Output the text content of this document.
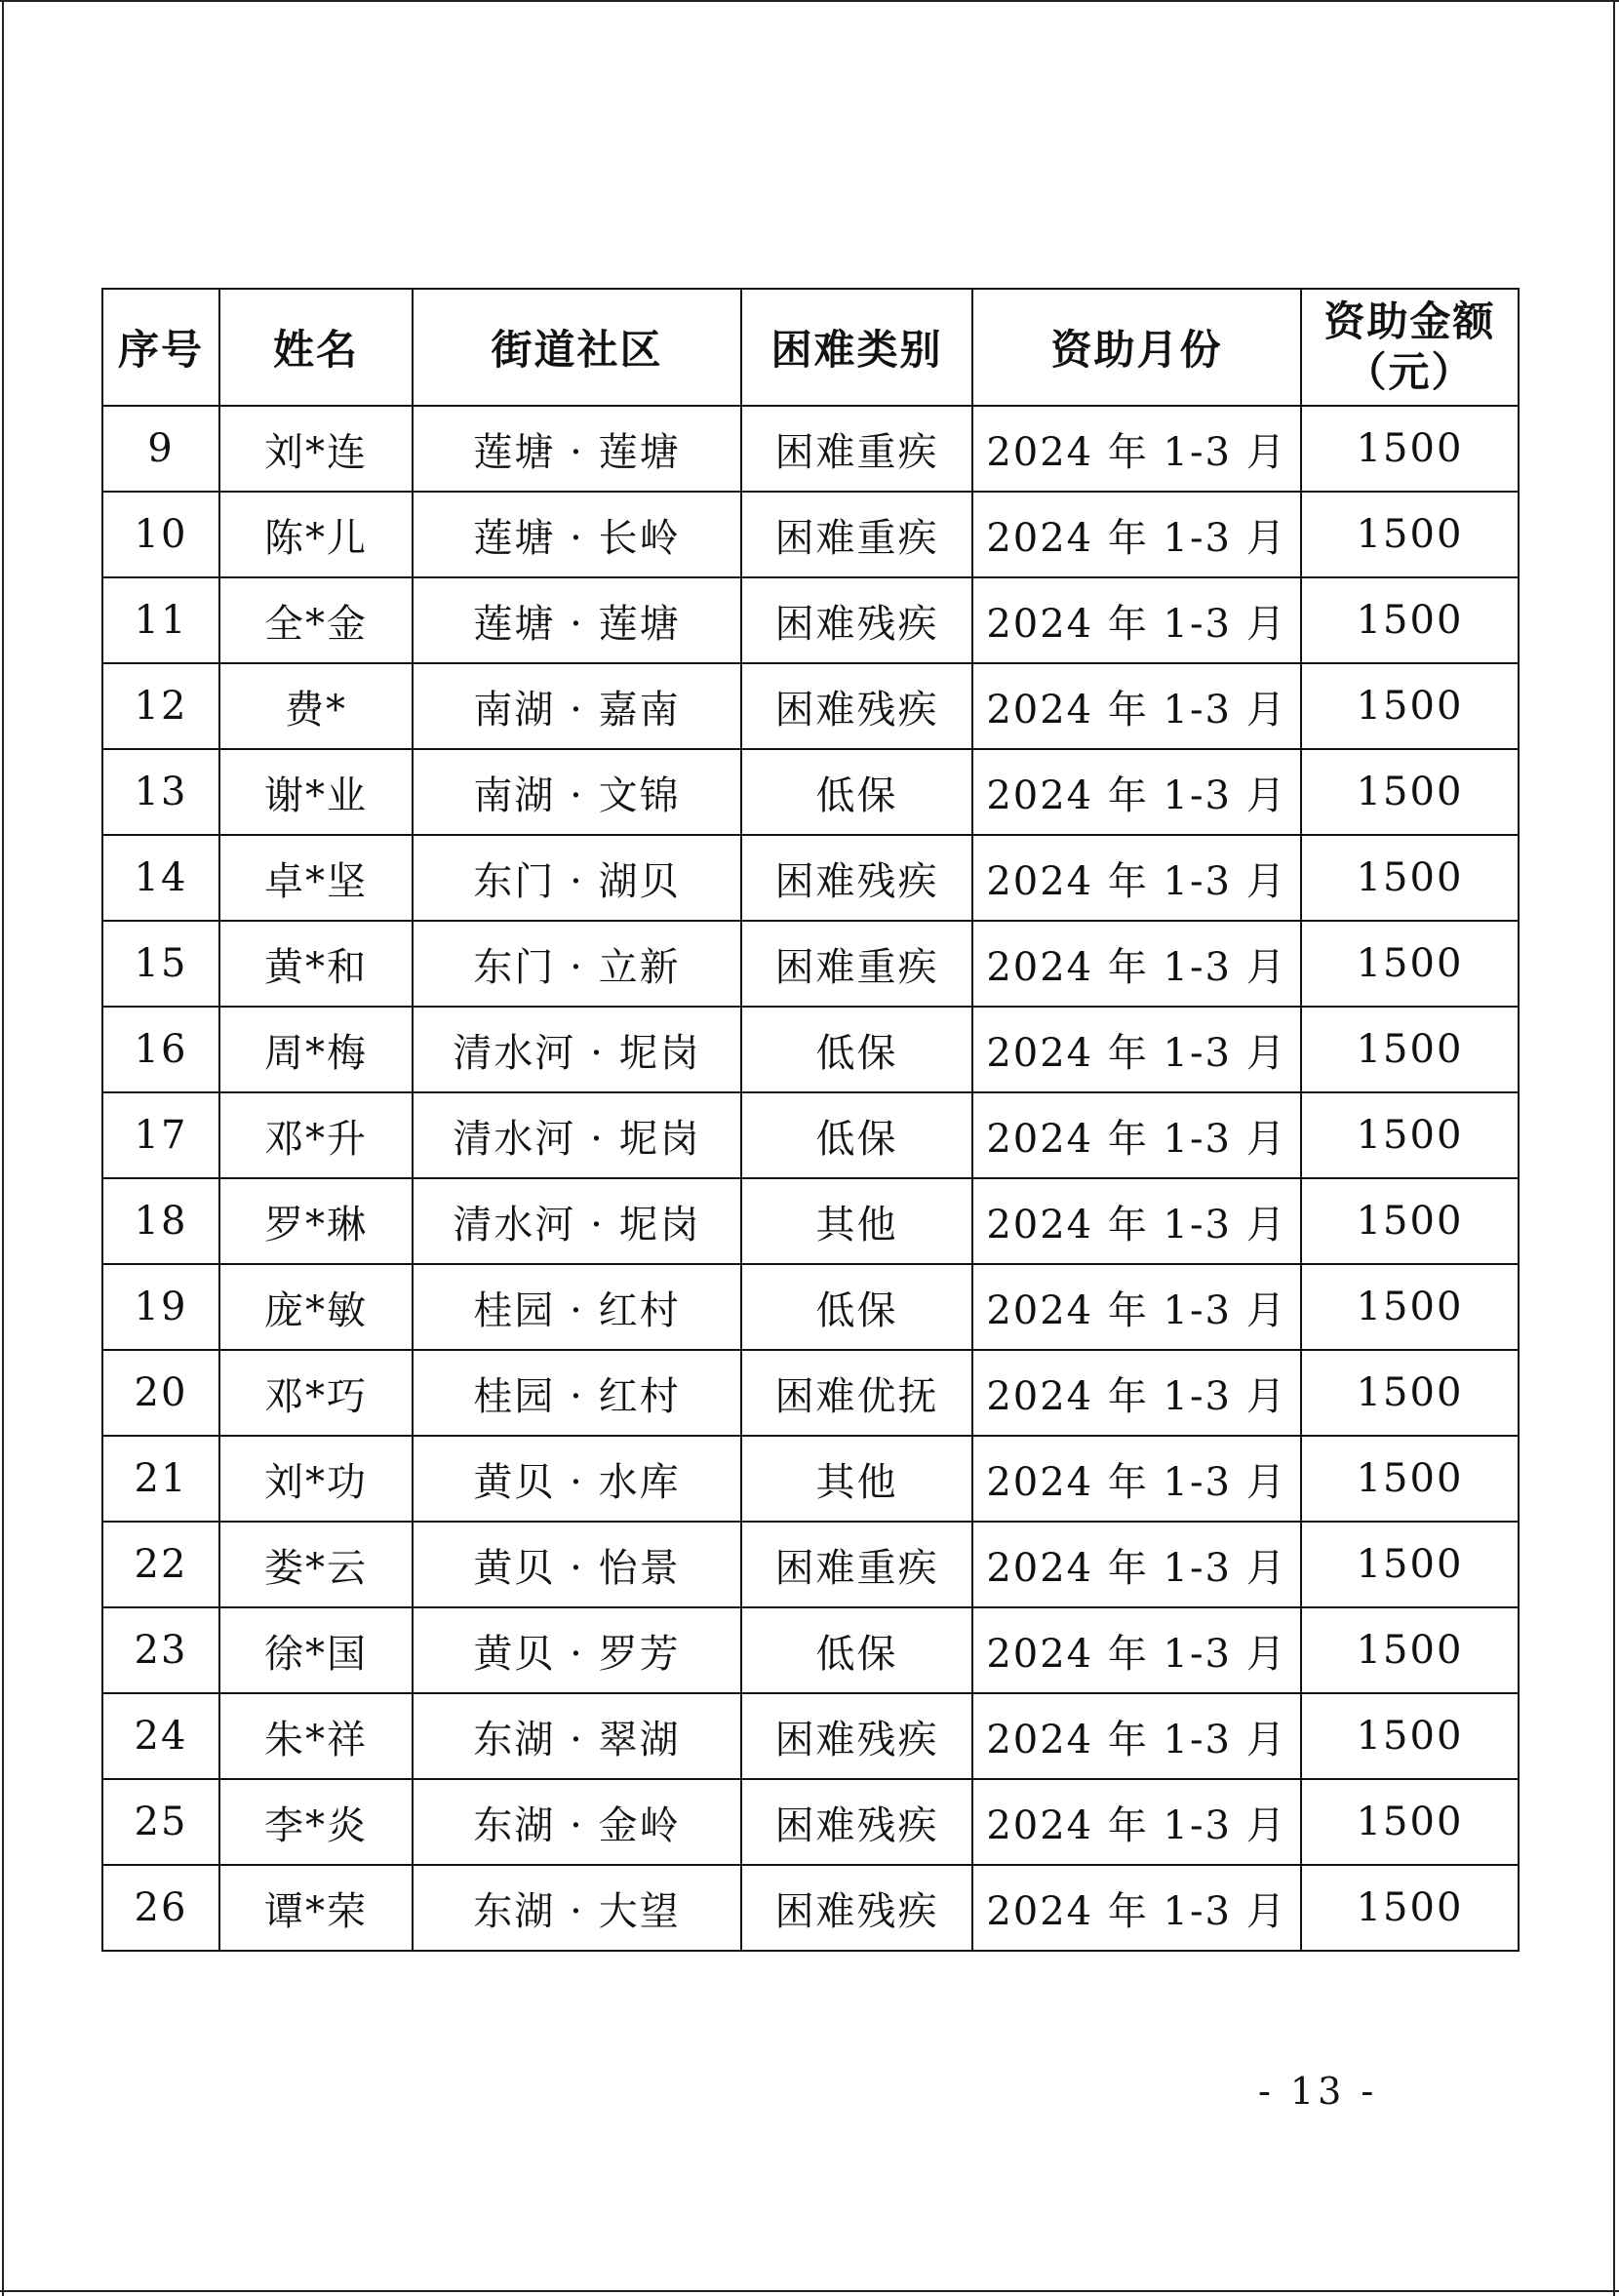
序号	姓名	街道社区	困难类别	资助月份	资助金额
（元）

9	刘*连	莲塘 · 莲塘	困难重疾	2024 年 1-3 月	1500
10	陈*儿	莲塘 · 长岭	困难重疾	2024 年 1-3 月	1500
11	全*金	莲塘 · 莲塘	困难残疾	2024 年 1-3 月	1500
12	费*	南湖 · 嘉南	困难残疾	2024 年 1-3 月	1500
13	谢*业	南湖 · 文锦	低保	2024 年 1-3 月	1500
14	卓*坚	东门 · 湖贝	困难残疾	2024 年 1-3 月	1500
15	黄*和	东门 · 立新	困难重疾	2024 年 1-3 月	1500
16	周*梅	清水河 · 坭岗	低保	2024 年 1-3 月	1500
17	邓*升	清水河 · 坭岗	低保	2024 年 1-3 月	1500
18	罗*琳	清水河 · 坭岗	其他	2024 年 1-3 月	1500
19	庞*敏	桂园 · 红村	低保	2024 年 1-3 月	1500
20	邓*巧	桂园 · 红村	困难优抚	2024 年 1-3 月	1500
21	刘*功	黄贝 · 水库	其他	2024 年 1-3 月	1500
22	娄*云	黄贝 · 怡景	困难重疾	2024 年 1-3 月	1500
23	徐*国	黄贝 · 罗芳	低保	2024 年 1-3 月	1500
24	朱*祥	东湖 · 翠湖	困难残疾	2024 年 1-3 月	1500
25	李*炎	东湖 · 金岭	困难残疾	2024 年 1-3 月	1500
26	谭*荣	东湖 · 大望	困难残疾	2024 年 1-3 月	1500
- 13 -
